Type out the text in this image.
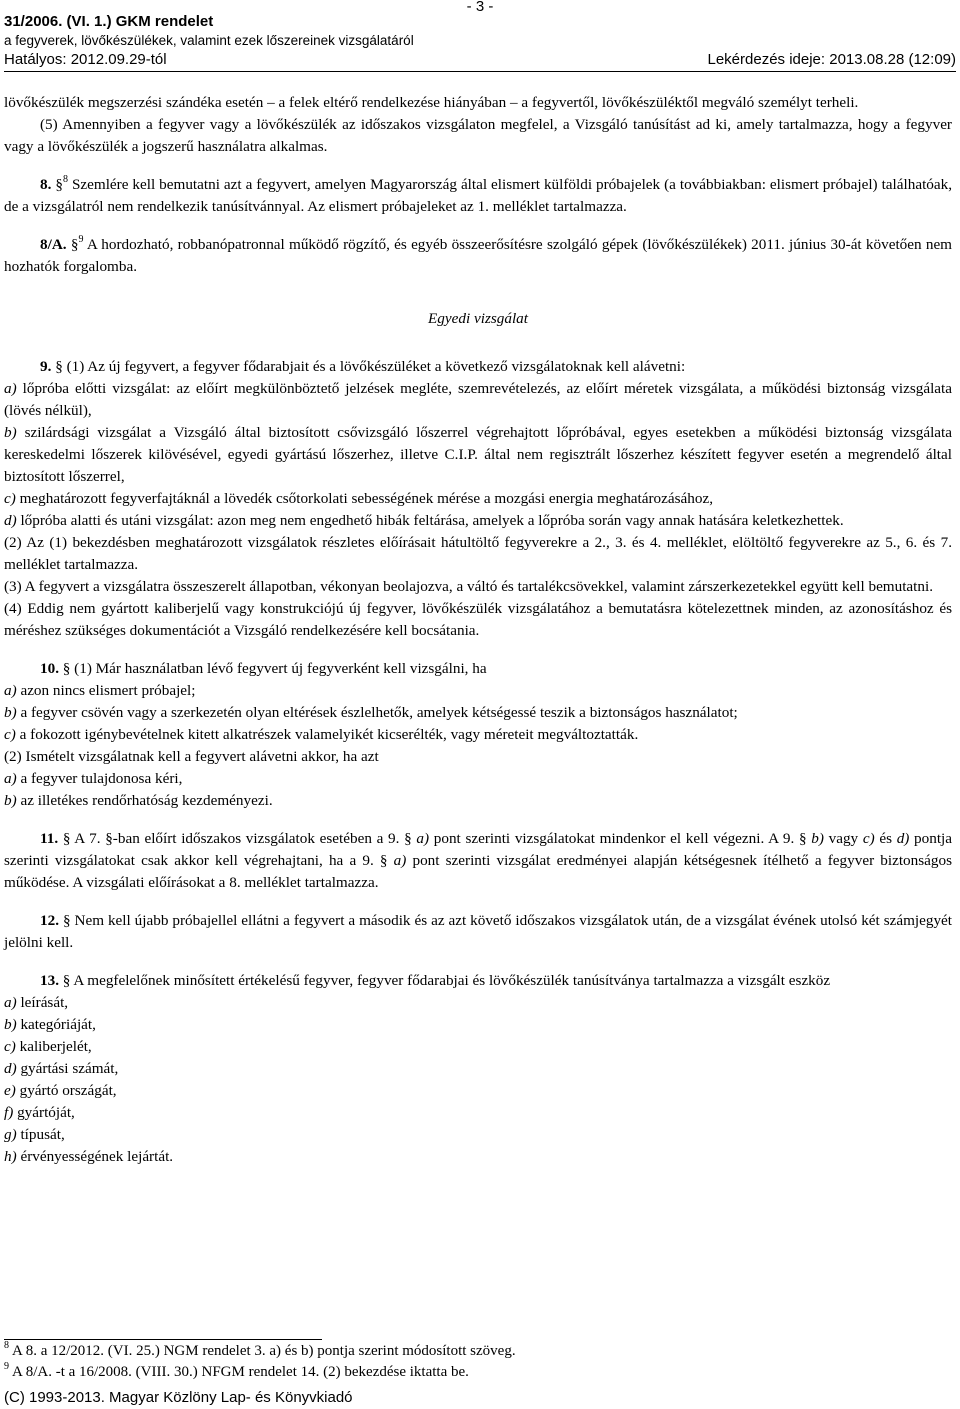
- 3 -
31/2006. (VI. 1.) GKM rendelet
a fegyverek, lövőkészülékek, valamint ezek lőszereinek vizsgálatáról
Hatályos: 2012.09.29-tól	Lekérdezés ideje: 2013.08.28 (12:09)

lövőkészülék megszerzési szándéka esetén – a felek eltérő rendelkezése hiányában – a fegyvertől, lövőkészüléktől megváló személyt terheli.

(5) Amennyiben a fegyver vagy a lövőkészülék az időszakos vizsgálaton megfelel, a Vizsgáló tanúsítást ad ki, amely tartalmazza, hogy a fegyver vagy a lövőkészülék a jogszerű használatra alkalmas.

8. §$^8$ Szemlére kell bemutatni azt a fegyvert, amelyen Magyarország által elismert külföldi próbajelek (a továbbiakban: elismert próbajel) találhatóak, de a vizsgálatról nem rendelkezik tanúsítvánnyal. Az elismert próbajeleket az 1. melléklet tartalmazza.

8/A. §$^9$ A hordozható, robbanópatronnal működő rögzítő, és egyéb összeerősítésre szolgáló gépek (lövőkészülékek) 2011. június 30-át követően nem hozhatók forgalomba.

Egyedi vizsgálat

9. § (1) Az új fegyvert, a fegyver főd​arabjait és a lövőkészüléket a következő vizsgálatoknak kell alávetni:

a) lőpróba előtti vizsgálat: az előírt megkülönböztető jelzések megléte, szemrevételezés, az előírt méretek vizsgálata, a működési biztonság vizsgálata (lövés nélkül),

b) szilárdsági vizsgálat a Vizsgáló által biztosított csővizsgáló lőszerrel végrehajtott lőpróbával, egyes esetekben a működési biztonság vizsgálata kereskedelmi lőszerek kilövésével, egyedi gyártású lőszerhez, illetve C.I.P. által nem regisztrált lőszerhez készített fegyver esetén a megrendelő által biztosított lőszerrel,

c) meghatározott fegyverfajtáknál a lövedék csőtorkolati sebességének mérése a mozgási energia meghatározásához,

d) lőpróba alatti és utáni vizsgálat: azon meg nem engedhető hibák feltárása, amelyek a lőpróba során vagy annak hatására keletkezhettek.

(2) Az (1) bekezdésben meghatározott vizsgálatok részletes előírásait hátultöltő fegyverekre a 2., 3. és 4. melléklet, elöltöltő fegyverekre az 5., 6. és 7. melléklet tartalmazza.

(3) A fegyvert a vizsgálatra összeszerelt állapotban, vékonyan beolajozva, a váltó és tartalékcsövekkel, valamint zárszerkezetekkel együtt kell bemutatni.

(4) Eddig nem gyártott kaliberjelű vagy konstrukciójú új fegyver, lövőkészülék vizsgálatához a bemutatásra kötelezettnek minden, az azonosításhoz és méréshez szükséges dokumentációt a Vizsgáló rendelkezésére kell bocsátania.

10. § (1) Már használatban lévő fegyvert új fegyverként kell vizsgálni, ha

a) azon nincs elismert próbajel;

b) a fegyver csövén vagy a szerkezetén olyan eltérések észlelhetők, amelyek kétségessé teszik a biztonságos használatot;

c) a fokozott igénybevételnek kitett alkatrészek valamelyikét kicserélték, vagy méreteit megváltoztatták.

(2) Ismételt vizsgálatnak kell a fegyvert alávetni akkor, ha azt

a) a fegyver tulajdonosa kéri,

b) az illetékes rendőrhatóság kezdeményezi.

11. § A 7. §-ban előírt időszakos vizsgálatok esetében a 9. § a) pont szerinti vizsgálatokat mindenkor el kell végezni. A 9. § b) vagy c) és d) pontja szerinti vizsgálatokat csak akkor kell végrehajtani, ha a 9. § a) pont szerinti vizsgálat eredményei alapján kétségesnek ítélhető a fegyver biztonságos működése. A vizsgálati előírásokat a 8. melléklet tartalmazza.

12. § Nem kell újabb próbajellel ellátni a fegyvert a második és az azt követő időszakos vizsgálatok után, de a vizsgálat évének utolsó két számjegyét jelölni kell.

13. § A megfelelőnek minősített értékelésű fegyver, fegyver főd​arabjai és lövőkészülék tanúsítványa tartalmazza a vizsgált eszköz

a) leírását,

b) kategóriáját,

c) kaliberjelét,

d) gyártási számát,

e) gyártó országát,

f) gyártóját,

g) típusát,

h) érvényességének lejártát.

$^8$ A 8. a 12/2012. (VI. 25.) NGM rendelet 3. a) és b) pontja szerint módosított szöveg.
$^9$ A 8/A. -t a 16/2008. (VIII. 30.) NFGM rendelet 14. (2) bekezdése iktatta be.
(C) 1993-2013. Magyar Közlöny Lap- és Könyvkiadó
